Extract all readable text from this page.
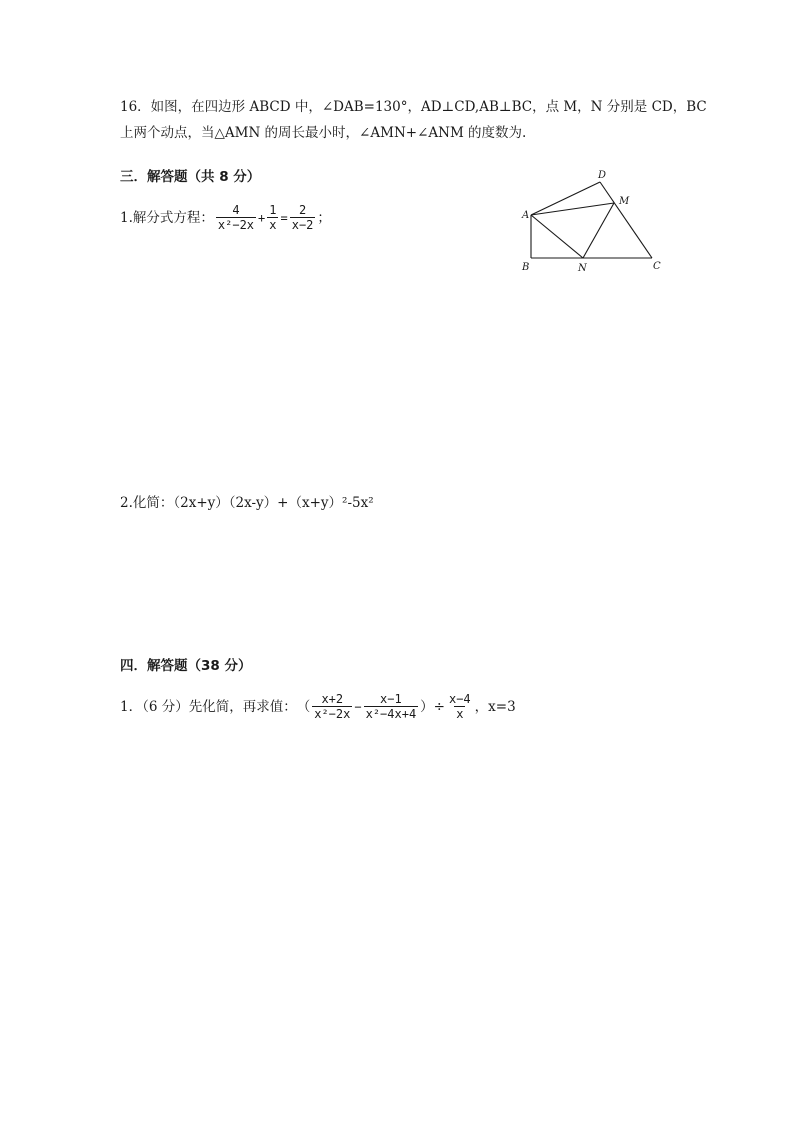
16．如图，在四边形 ABCD 中，∠DAB=130°，AD⊥CD,AB⊥BC，点 M，N 分别是 CD，BC
上两个动点，当△AMN 的周长最小时，∠AMN+∠ANM 的度数为.
三．解答题（共 8 分）
1.解分式方程： $\frac{4}{\text{x²−2x}} + \frac{1}{x} = \frac{2}{x-2}$ ；	A
B	C
D
M
N
2.化简：（2x+y）（2x-y）+（x+y）²-5x²
四．解答题（38 分）
1．（6 分）先化简，再求值： （ $\frac{x+2}{\text{x²−2x}} - \frac{x-1}{\text{x²−4x+4}}$ ）÷ $\frac{x-4}{x}$ ，x=3
